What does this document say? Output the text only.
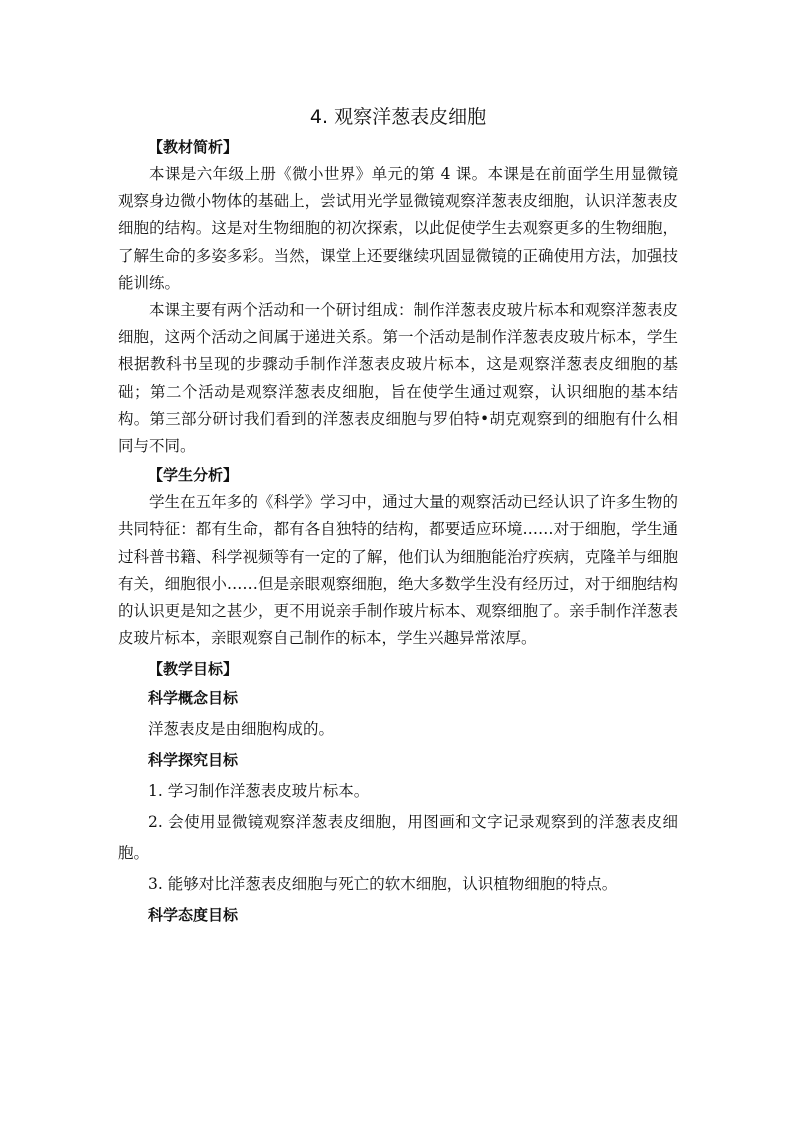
4. 观察洋葱表皮细胞

【教材简析】

本课是六年级上册《微小世界》单元的第 4 课。本课是在前面学生用显微镜观察身边微小物体的基础上，尝试用光学显微镜观察洋葱表皮细胞，认识洋葱表皮细胞的结构。这是对生物细胞的初次探索，以此促使学生去观察更多的生物细胞，了解生命的多姿多彩。当然，课堂上还要继续巩固显微镜的正确使用方法，加强技能训练。

本课主要有两个活动和一个研讨组成：制作洋葱表皮玻片标本和观察洋葱表皮细胞，这两个活动之间属于递进关系。第一个活动是制作洋葱表皮玻片标本，学生根据教科书呈现的步骤动手制作洋葱表皮玻片标本，这是观察洋葱表皮细胞的基础；第二个活动是观察洋葱表皮细胞，旨在使学生通过观察，认识细胞的基本结构。第三部分研讨我们看到的洋葱表皮细胞与罗伯特•胡克观察到的细胞有什么相同与不同。

【学生分析】

学生在五年多的《科学》学习中，通过大量的观察活动已经认识了许多生物的共同特征：都有生命，都有各自独特的结构，都要适应环境……对于细胞，学生通过科普书籍、科学视频等有一定的了解，他们认为细胞能治疗疾病，克隆羊与细胞有关，细胞很小……但是亲眼观察细胞，绝大多数学生没有经历过，对于细胞结构的认识更是知之甚少，更不用说亲手制作玻片标本、观察细胞了。亲手制作洋葱表皮玻片标本，亲眼观察自己制作的标本，学生兴趣异常浓厚。

【教学目标】

科学概念目标

洋葱表皮是由细胞构成的。

科学探究目标

1. 学习制作洋葱表皮玻片标本。

2. 会使用显微镜观察洋葱表皮细胞，用图画和文字记录观察到的洋葱表皮细胞。

3. 能够对比洋葱表皮细胞与死亡的软木细胞，认识植物细胞的特点。

科学态度目标
